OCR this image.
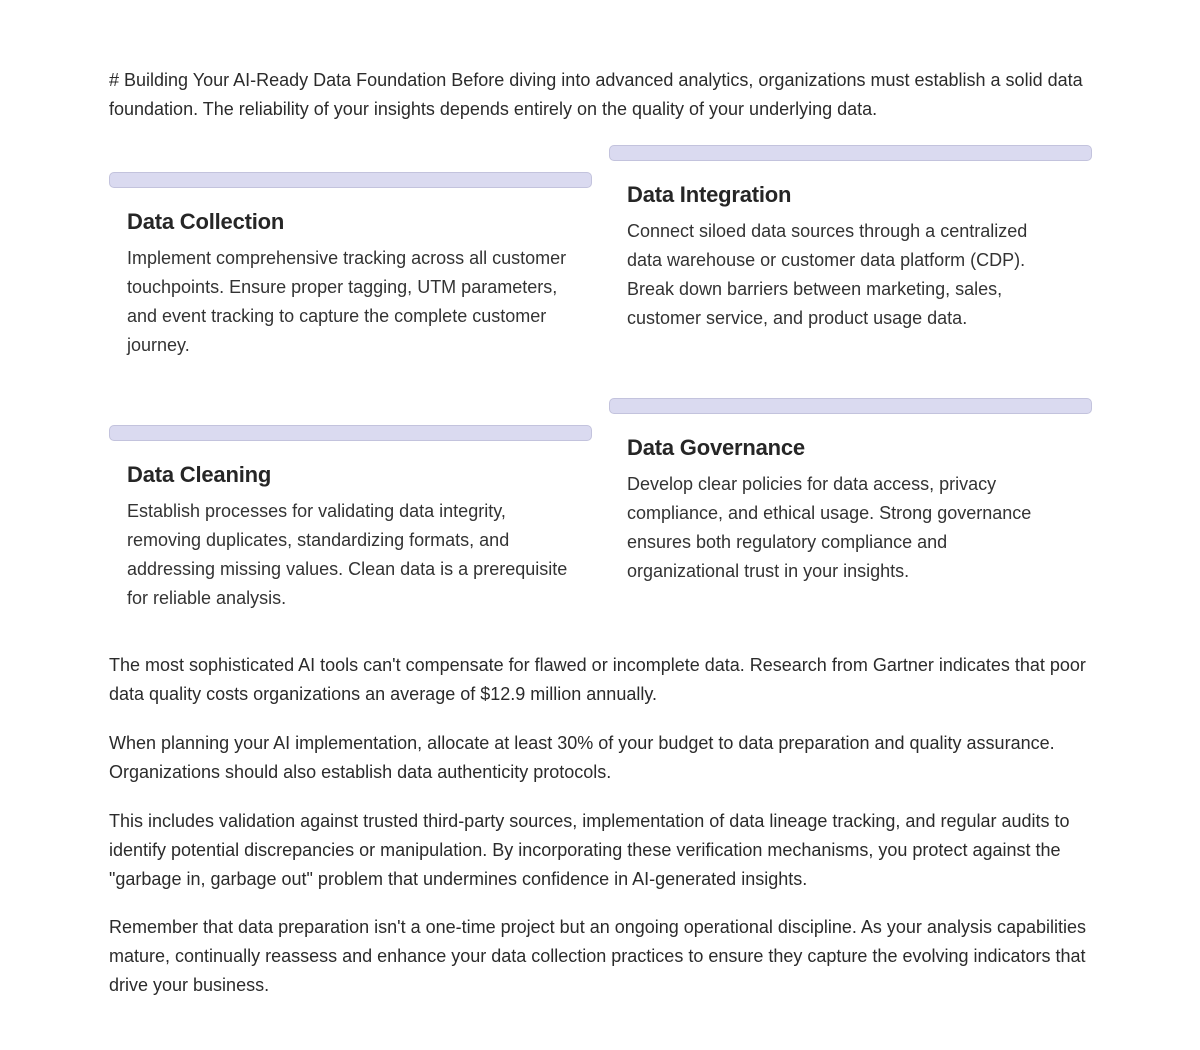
# Building Your AI-Ready Data Foundation Before diving into advanced analytics, organizations must establish a solid data foundation. The reliability of your insights depends entirely on the quality of your underlying data.

Data Collection
Implement comprehensive tracking across all customer touchpoints. Ensure proper tagging, UTM parameters, and event tracking to capture the complete customer journey.
Data Integration
Connect siloed data sources through a centralized data warehouse or customer data platform (CDP). Break down barriers between marketing, sales, customer service, and product usage data.
Data Cleaning
Establish processes for validating data integrity, removing duplicates, standardizing formats, and addressing missing values. Clean data is a prerequisite for reliable analysis.
Data Governance
Develop clear policies for data access, privacy compliance, and ethical usage. Strong governance ensures both regulatory compliance and organizational trust in your insights.

The most sophisticated AI tools can't compensate for flawed or incomplete data. Research from Gartner indicates that poor data quality costs organizations an average of $12.9 million annually.

When planning your AI implementation, allocate at least 30% of your budget to data preparation and quality assurance. Organizations should also establish data authenticity protocols.

This includes validation against trusted third-party sources, implementation of data lineage tracking, and regular audits to identify potential discrepancies or manipulation. By incorporating these verification mechanisms, you protect against the "garbage in, garbage out" problem that undermines confidence in AI-generated insights.

Remember that data preparation isn't a one-time project but an ongoing operational discipline. As your analysis capabilities mature, continually reassess and enhance your data collection practices to ensure they capture the evolving indicators that drive your business.
